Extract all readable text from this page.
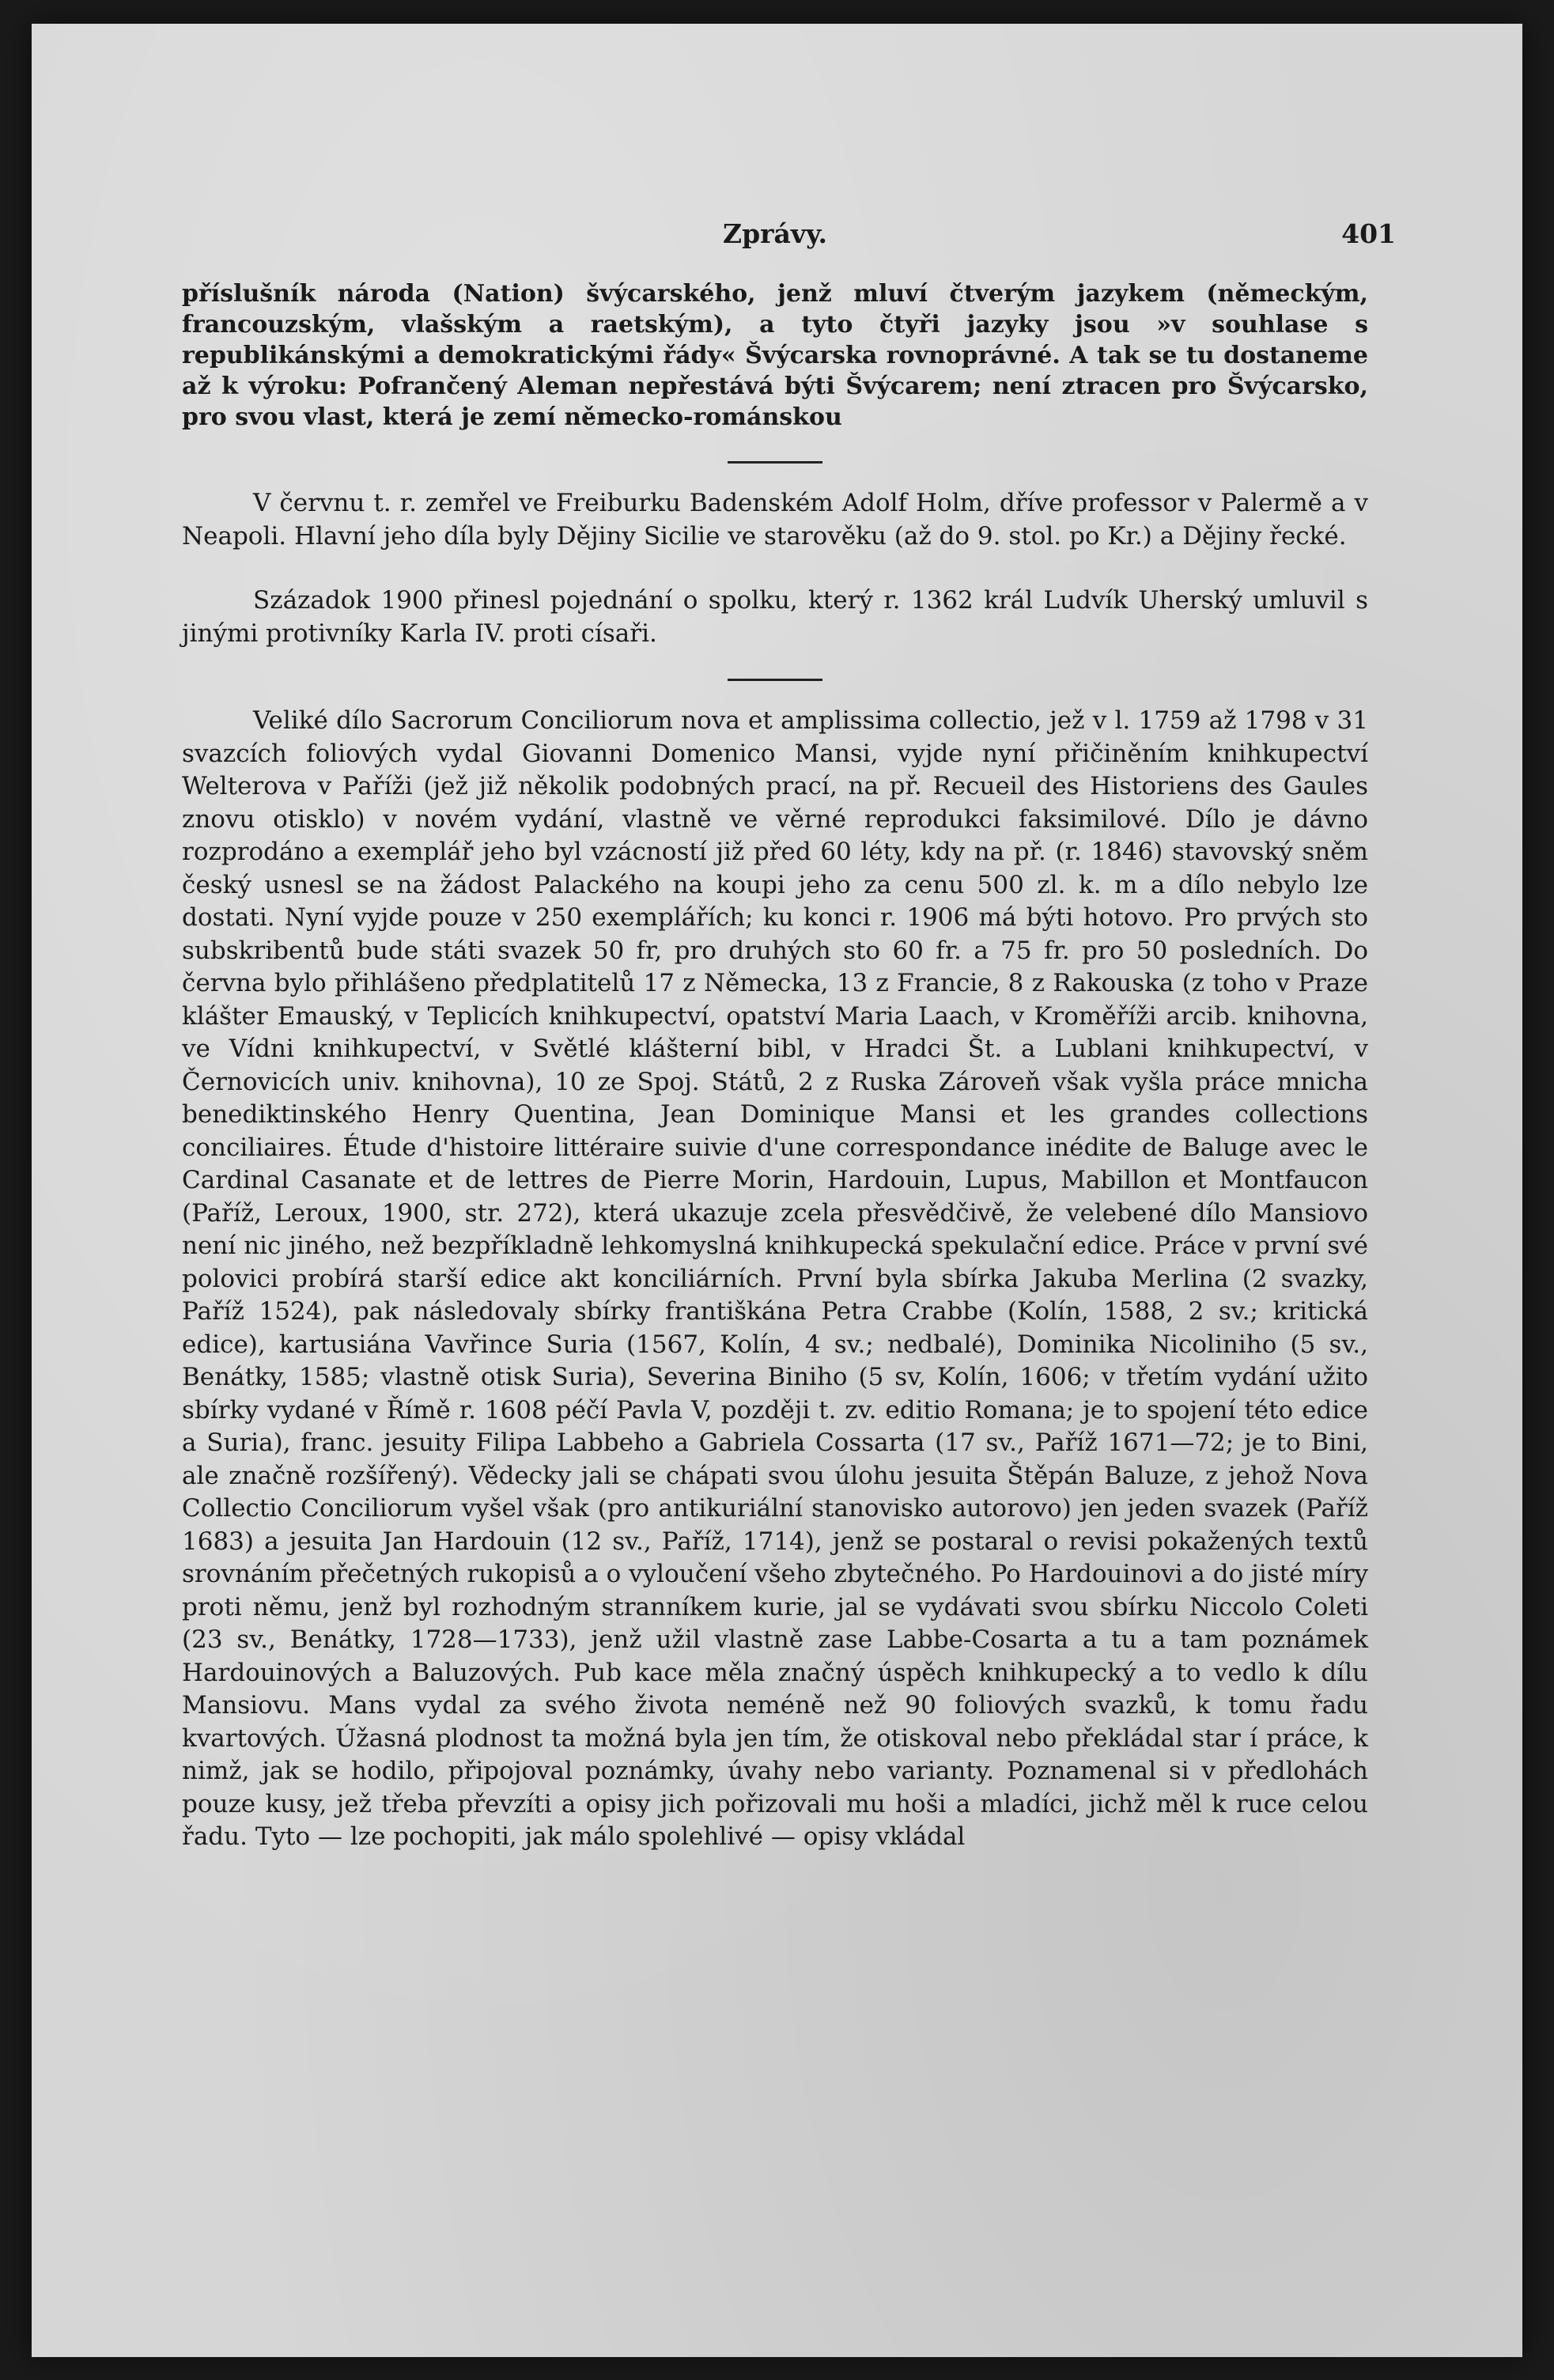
Zprávy.	401

příslušník národa (Nation) švýcarského, jenž mluví čtverým jazykem (německým, francouzským, vlašským a raetským), a tyto čtyři jazyky jsou »v souhlase s republikánskými a demokratickými řády« Švýcarska rovnoprávné. A tak se tu dostaneme až k výroku: Pofrančený Aleman nepřestává býti Švýcarem; není ztracen pro Švýcarsko, pro svou vlast, která je zemí německo-románskou

V červnu t. r. zemřel ve Freiburku Badenském Adolf Holm, dříve professor v Palermě a v Neapoli. Hlavní jeho díla byly Dějiny Sicilie ve starověku (až do 9. stol. po Kr.) a Dějiny řecké.

Századok 1900 přinesl pojednání o spolku, který r. 1362 král Ludvík Uherský umluvil s jinými protivníky Karla IV. proti císaři.

Veliké dílo Sacrorum Conciliorum nova et amplissima collectio, jež v l. 1759 až 1798 v 31 svazcích foliových vydal Giovanni Domenico Mansi, vyjde nyní přičiněním knihkupectví Welterova v Paříži (jež již několik podobných prací, na př. Recueil des Historiens des Gaules znovu otisklo) v novém vydání, vlastně ve věrné reprodukci faksimilové. Dílo je dávno rozprodáno a exemplář jeho byl vzácností již před 60 léty, kdy na př. (r. 1846) stavovský sněm český usnesl se na žádost Palackého na koupi jeho za cenu 500 zl. k. m a dílo nebylo lze dostati. Nyní vyjde pouze v 250 exemplářích; ku konci r. 1906 má býti hotovo. Pro prvých sto subskribentů bude státi svazek 50 fr, pro druhých sto 60 fr. a 75 fr. pro 50 posledních. Do června bylo přihlášeno předplatitelů 17 z Německa, 13 z Francie, 8 z Rakouska (z toho v Praze klášter Emauský, v Teplicích knihkupectví, opatství Maria Laach, v Kroměříži arcib. knihovna, ve Vídni knihkupectví, v Světlé klášterní bibl, v Hradci Št. a Lublani knihkupectví, v Černovicích univ. knihovna), 10 ze Spoj. Států, 2 z Ruska Zároveň však vyšla práce mnicha benediktinského Henry Quentina, Jean Dominique Mansi et les grandes collections conciliaires. Étude d'histoire littéraire suivie d'une correspondance inédite de Baluge avec le Cardinal Casanate et de lettres de Pierre Morin, Hardouin, Lupus, Mabillon et Montfaucon (Paříž, Leroux, 1900, str. 272), která ukazuje zcela přesvědčivě, že velebené dílo Mansiovo není nic jiného, než bezpříkladně lehkomyslná knihkupecká spekulační edice. Práce v první své polovici probírá starší edice akt konciliárních. První byla sbírka Jakuba Merlina (2 svazky, Paříž 1524), pak následovaly sbírky františkána Petra Crabbe (Kolín, 1588, 2 sv.; kritická edice), kartusiána Vavřince Suria (1567, Kolín, 4 sv.; nedbalé), Dominika Nicoliniho (5 sv., Benátky, 1585; vlastně otisk Suria), Severina Biniho (5 sv, Kolín, 1606; v třetím vydání užito sbírky vydané v Římě r. 1608 péčí Pavla V, později t. zv. editio Romana; je to spojení této edice a Suria), franc. jesuity Filipa Labbeho a Gabriela Cossarta (17 sv., Paříž 1671—72; je to Bini, ale značně rozšířený). Vědecky jali se chápati svou úlohu jesuita Štěpán Baluze, z jehož Nova Collectio Conciliorum vyšel však (pro antikuriální stanovisko autorovo) jen jeden svazek (Paříž 1683) a jesuita Jan Hardouin (12 sv., Paříž, 1714), jenž se postaral o revisi pokažených textů srovnáním přečetných rukopisů a o vyloučení všeho zbytečného. Po Hardouinovi a do jisté míry proti němu, jenž byl rozhodným stranníkem kurie, jal se vydávati svou sbírku Niccolo Coleti (23 sv., Benátky, 1728—1733), jenž užil vlastně zase Labbe-Cosarta a tu a tam poznámek Hardouinových a Baluzových. Pub kace měla značný úspěch knihkupecký a to vedlo k dílu Mansiovu. Mans vydal za svého života neméně než 90 foliových svazků, k tomu řadu kvartových. Úžasná plodnost ta možná byla jen tím, že otiskoval nebo překládal star í práce, k nimž, jak se hodilo, připojoval poznámky, úvahy nebo varianty. Poznamenal si v předlohách pouze kusy, jež třeba převzíti a opisy jich pořizovali mu hoši a mladíci, jichž měl k ruce celou řadu. Tyto — lze pochopiti, jak málo spolehlivé — opisy vkládal
